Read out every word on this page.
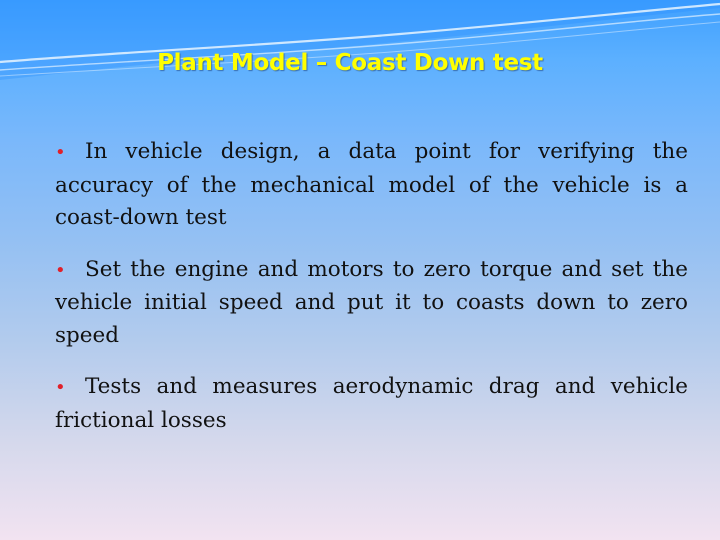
Plant Model – Coast Down test

• In vehicle design, a data point for verifying the accuracy of the mechanical model of the vehicle is a coast-down test

• Set the engine and motors to zero torque and set the vehicle initial speed and put it to coasts down to zero speed

• Tests and measures aerodynamic drag and vehicle frictional losses
